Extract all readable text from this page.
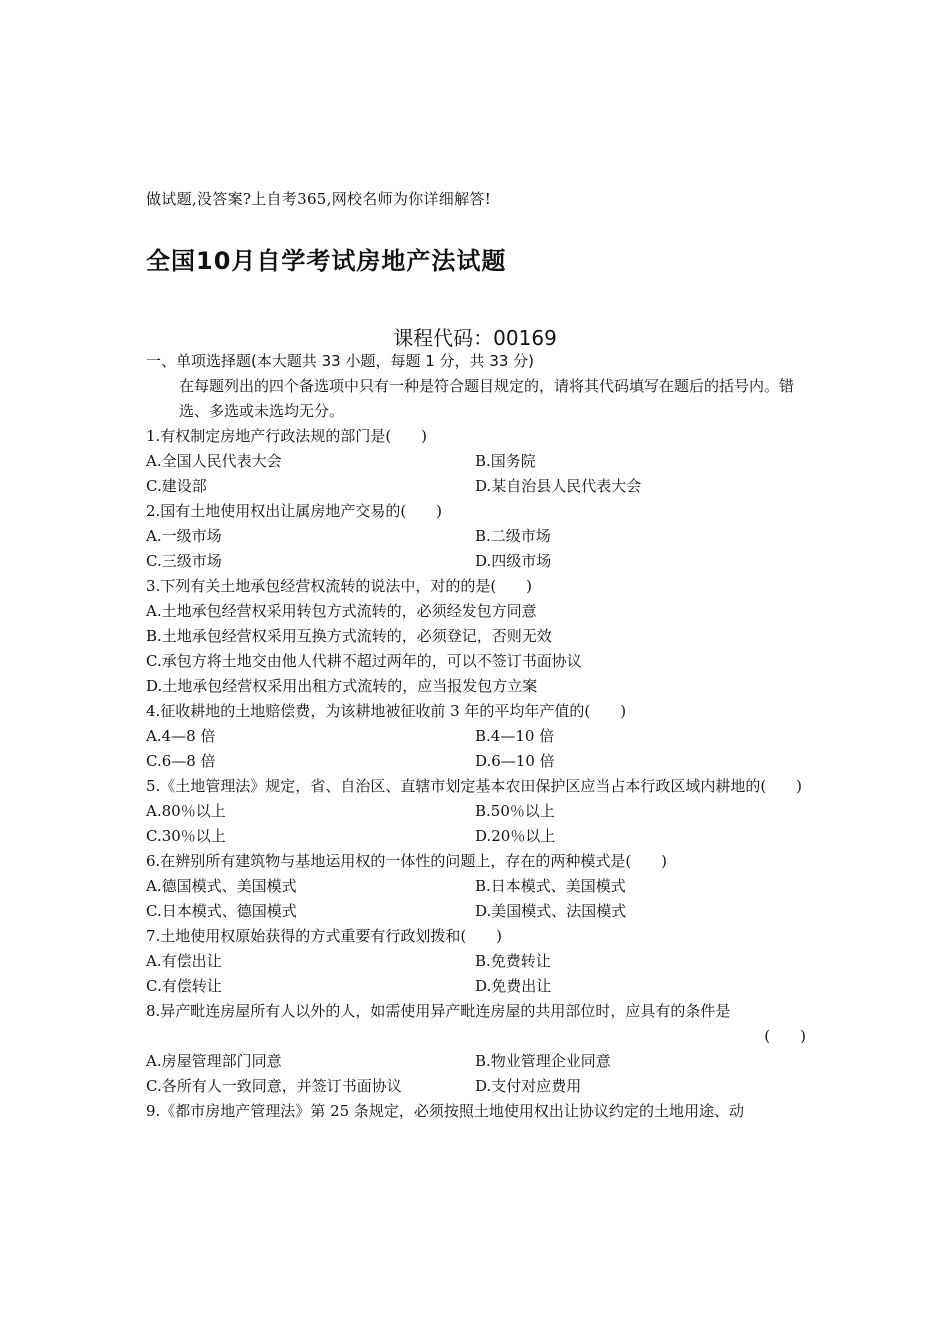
做试题,没答案?上自考365,网校名师为你详细解答!
全国10月自学考试房地产法试题
课程代码：00169
一、单项选择题(本大题共 33 小题，每题 1 分，共 33 分)
在每题列出的四个备选项中只有一种是符合题目规定的，请将其代码填写在题后的括号内。错选、多选或未选均无分。
1.有权制定房地产行政法规的部门是(　　)
A.全国人民代表大会	B.国务院
C.建设部	D.某自治县人民代表大会
2.国有土地使用权出让属房地产交易的(　　)
A.一级市场	B.二级市场
C.三级市场	D.四级市场
3.下列有关土地承包经营权流转的说法中，对的的是(　　)
A.土地承包经营权采用转包方式流转的，必须经发包方同意
B.土地承包经营权采用互换方式流转的，必须登记，否则无效
C.承包方将土地交由他人代耕不超过两年的，可以不签订书面协议
D.土地承包经营权采用出租方式流转的，应当报发包方立案
4.征收耕地的土地赔偿费，为该耕地被征收前 3 年的平均年产值的(　　)
A.4—8 倍	B.4—10 倍
C.6—8 倍	D.6—10 倍
5.《土地管理法》规定，省、自治区、直辖市划定基本农田保护区应当占本行政区域内耕地的(　　)
A.80％以上	B.50％以上
C.30％以上	D.20％以上
6.在辨别所有建筑物与基地运用权的一体性的问题上，存在的两种模式是(　　)
A.德国模式、美国模式	B.日本模式、美国模式
C.日本模式、德国模式	D.美国模式、法国模式
7.土地使用权原始获得的方式重要有行政划拨和(　　)
A.有偿出让	B.免费转让
C.有偿转让	D.免费出让
8.异产毗连房屋所有人以外的人，如需使用异产毗连房屋的共用部位时，应具有的条件是
(　　)
A.房屋管理部门同意	B.物业管理企业同意
C.各所有人一致同意，并签订书面协议	D.支付对应费用
9.《都市房地产管理法》第 25 条规定，必须按照土地使用权出让协议约定的土地用途、动
